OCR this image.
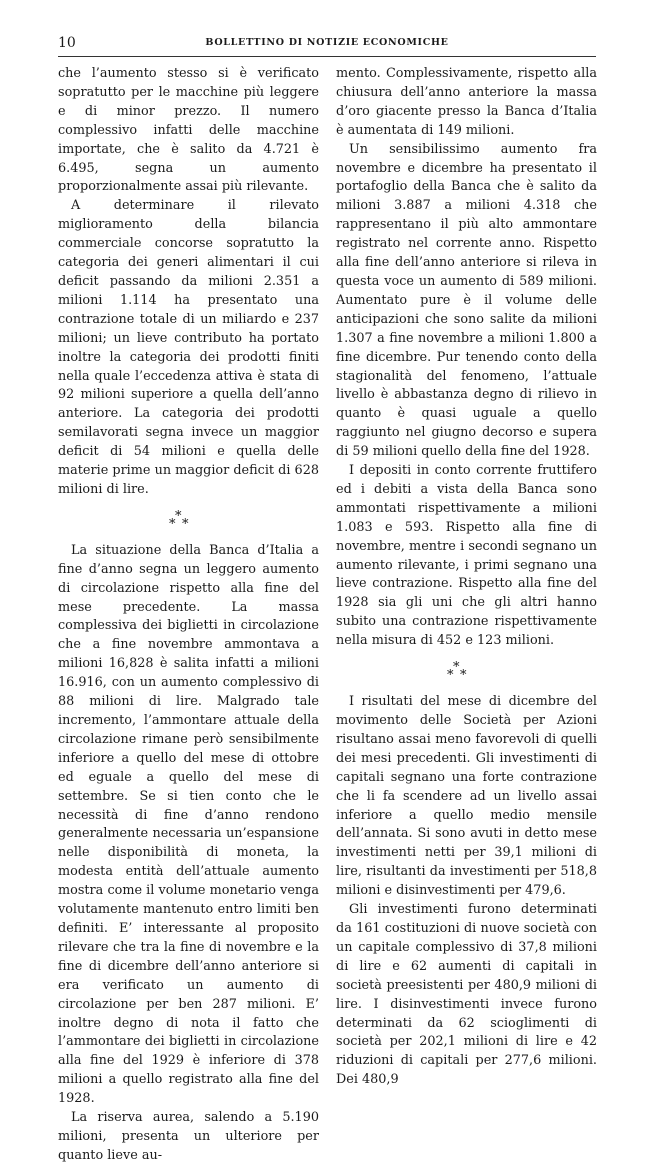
10	BOLLETTINO DI NOTIZIE ECONOMICHE

che l’aumento stesso si è verificato sopratutto per le macchine più leggere e di minor prezzo. Il numero complessivo infatti delle macchine importate, che è salito da 4.721 è 6.495, segna un aumento proporzionalmente assai più rilevante.

A determinare il rilevato miglioramento della bilancia commerciale concorse sopratutto la categoria dei generi alimentari il cui deficit passando da milioni 2.351 a milioni 1.114 ha presentato una contrazione totale di un miliardo e 237 milioni; un lieve contributo ha portato inoltre la categoria dei prodotti finiti nella quale l’eccedenza attiva è stata di 92 milioni superiore a quella dell’anno anteriore. La categoria dei prodotti semilavorati segna invece un maggior deficit di 54 milioni e quella delle materie prime un maggior deficit di 628 milioni di lire.

*
* *

La situazione della Banca d’Italia a fine d’anno segna un leggero aumento di circolazione rispetto alla fine del mese precedente. La massa complessiva dei biglietti in circolazione che a fine novembre ammontava a milioni 16,828 è salita infatti a milioni 16.916, con un aumento complessivo di 88 milioni di lire. Malgrado tale incremento, l’ammontare attuale della circolazione rimane però sensibilmente inferiore a quello del mese di ottobre ed eguale a quello del mese di settembre. Se si tien conto che le necessità di fine d’anno rendono generalmente necessaria un’espansione nelle disponibilità di moneta, la modesta entità dell’attuale aumento mostra come il volume monetario venga volutamente mantenuto entro limiti ben definiti. E’ interessante al proposito rilevare che tra la fine di novembre e la fine di dicembre dell’anno anteriore si era verificato un aumento di circolazione per ben 287 milioni. E’ inoltre degno di nota il fatto che l’ammontare dei biglietti in circolazione alla fine del 1929 è inferiore di 378 milioni a quello registrato alla fine del 1928.

La riserva aurea, salendo a 5.190 milioni, presenta un ulteriore per quanto lieve au-

mento. Complessivamente, rispetto alla chiusura dell’anno anteriore la massa d’oro giacente presso la Banca d’Italia è aumentata di 149 milioni.

Un sensibilissimo aumento fra novembre e dicembre ha presentato il portafoglio della Banca che è salito da milioni 3.887 a milioni 4.318 che rappresentano il più alto ammontare registrato nel corrente anno. Rispetto alla fine dell’anno anteriore si rileva in questa voce un aumento di 589 milioni. Aumentato pure è il volume delle anticipazioni che sono salite da milioni 1.307 a fine novembre a milioni 1.800 a fine dicembre. Pur tenendo conto della stagionalità del fenomeno, l’attuale livello è abbastanza degno di rilievo in quanto è quasi uguale a quello raggiunto nel giugno decorso e supera di 59 milioni quello della fine del 1928.

I depositi in conto corrente fruttifero ed i debiti a vista della Banca sono ammontati rispettivamente a milioni 1.083 e 593. Rispetto alla fine di novembre, mentre i secondi segnano un aumento rilevante, i primi segnano una lieve contrazione. Rispetto alla fine del 1928 sia gli uni che gli altri hanno subito una contrazione rispettivamente nella misura di 452 e 123 milioni.

*
* *

I risultati del mese di dicembre del movimento delle Società per Azioni risultano assai meno favorevoli di quelli dei mesi precedenti. Gli investimenti di capitali segnano una forte contrazione che li fa scendere ad un livello assai inferiore a quello medio mensile dell’annata. Si sono avuti in detto mese investimenti netti per 39,1 milioni di lire, risultanti da investimenti per 518,8 milioni e disinvestimenti per 479,6.

Gli investimenti furono determinati da 161 costituzioni di nuove società con un capitale complessivo di 37,8 milioni di lire e 62 aumenti di capitali in società preesistenti per 480,9 milioni di lire. I disinvestimenti invece furono determinati da 62 scioglimenti di società per 202,1 milioni di lire e 42 riduzioni di capitali per 277,6 milioni. Dei 480,9
